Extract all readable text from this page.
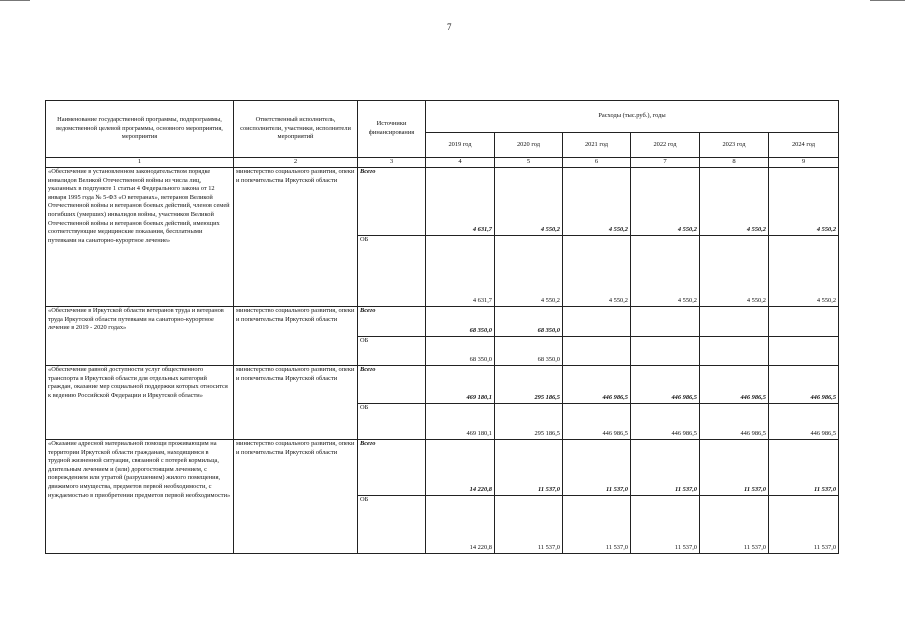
7
Наименование государственной программы, подпрограммы, ведомственной целевой программы, основного мероприятия, мероприятия	Ответственный исполнитель, соисполнители, участники, исполнители мероприятий	Источники финансирования	Расходы (тыс.руб.), годы					
			2019 год	2020 год	2021 год	2022 год	2023 год	2024 год
1	2	3	4	5	6	7	8	9
«Обеспечение в установленном законодательством порядке инвалидов Великой Отечественной войны из числа лиц, указанных в подпункте 1 статьи 4 Федерального закона от 12 января 1995 года № 5-ФЗ «О ветеранах», ветеранов Великой Отечественной войны и ветеранов боевых действий, членов семей погибших (умерших) инвалидов войны, участников Великой Отечественной войны и ветеранов боевых действий, имеющих соответствующие медицинские показания, бесплатными путевками на санаторно-курортное лечение»	министерство социального развития, опеки и попечительства Иркутской области	Всего	4 631,7	4 550,2	4 550,2	4 550,2	4 550,2	4 550,2
		ОБ	4 631,7	4 550,2	4 550,2	4 550,2	4 550,2	4 550,2
«Обеспечение в Иркутской области ветеранов труда и ветеранов труда Иркутской области путевками на санаторно-курортное лечение в 2019 - 2020 годах»	министерство социального развития, опеки и попечительства Иркутской области	Всего	68 350,0	68 350,0				
		ОБ	68 350,0	68 350,0				
«Обеспечение равной доступности услуг общественного транспорта в Иркутской области для отдельных категорий граждан, оказание мер социальной поддержки которых относится к ведению Российской Федерации и Иркутской области»	министерство социального развития, опеки и попечительства Иркутской области	Всего	469 180,1	295 186,5	446 986,5	446 986,5	446 986,5	446 986,5
		ОБ	469 180,1	295 186,5	446 986,5	446 986,5	446 986,5	446 986,5
«Оказание адресной материальной помощи проживающим на территории Иркутской области гражданам, находящимся в трудной жизненной ситуации, связанной с потерей кормильца, длительным лечением и (или) дорогостоящим лечением, с повреждением или утратой (разрушением) жилого помещения, движимого имущества, предметов первой необходимости, с нуждаемостью в приобретении предметов первой необходимости»	министерство социального развития, опеки и попечительства Иркутской области	Всего	14 220,8	11 537,0	11 537,0	11 537,0	11 537,0	11 537,0
		ОБ	14 220,8	11 537,0	11 537,0	11 537,0	11 537,0	11 537,0
